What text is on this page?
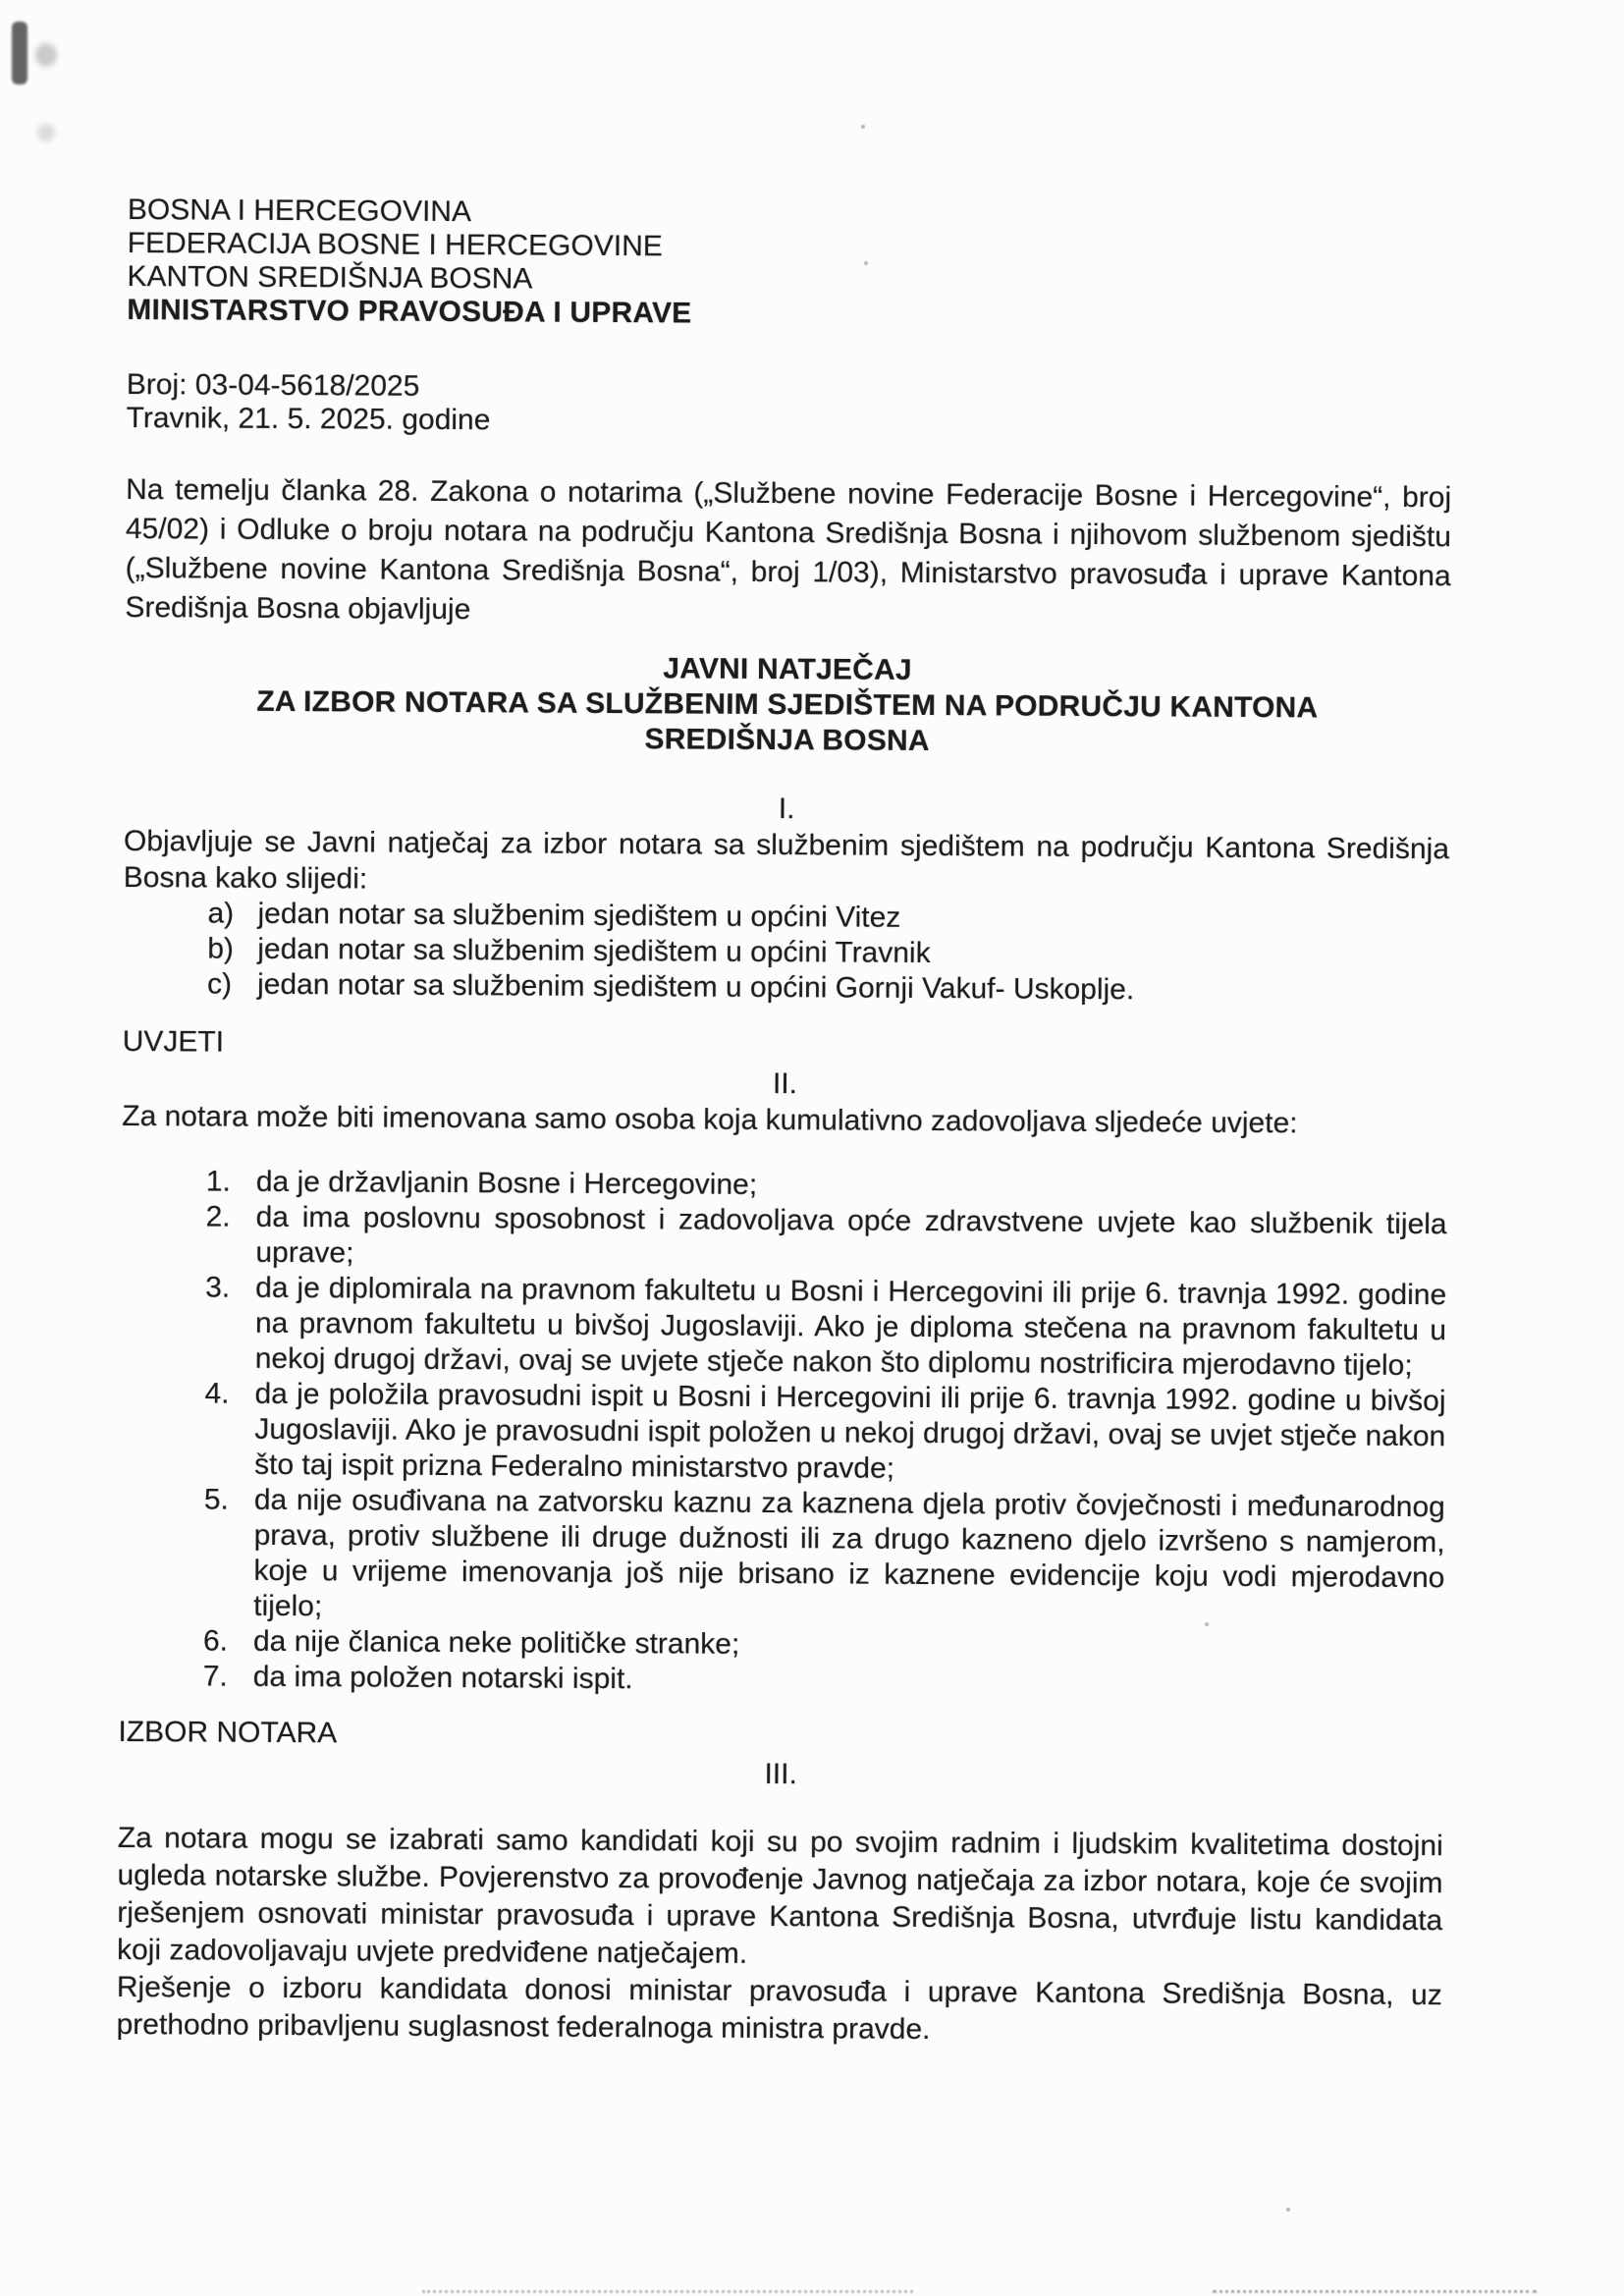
BOSNA I HERCEGOVINA
FEDERACIJA BOSNE I HERCEGOVINE
KANTON SREDIŠNJA BOSNA
MINISTARSTVO PRAVOSUĐA I UPRAVE
Broj: 03-04-5618/2025
Travnik, 21. 5. 2025. godine
Na temelju članka 28. Zakona o notarima („Službene novine Federacije Bosne i Hercegovine“, broj 45/02) i Odluke o broju notara na području Kantona Središnja Bosna i njihovom službenom sjedištu („Službene novine Kantona Središnja Bosna“, broj 1/03), Ministarstvo pravosuđa i uprave Kantona Središnja Bosna objavljuje
JAVNI NATJEČAJ
ZA IZBOR NOTARA SA SLUŽBENIM SJEDIŠTEM NA PODRUČJU KANTONA
SREDIŠNJA BOSNA
I.
Objavljuje se Javni natječaj za izbor notara sa službenim sjedištem na području Kantona Središnja Bosna kako slijedi:
a) jedan notar sa službenim sjedištem u općini Vitez
b) jedan notar sa službenim sjedištem u općini Travnik
c) jedan notar sa službenim sjedištem u općini Gornji Vakuf- Uskoplje.
UVJETI
II.
Za notara može biti imenovana samo osoba koja kumulativno zadovoljava sljedeće uvjete:
1. da je državljanin Bosne i Hercegovine;
2. da ima poslovnu sposobnost i zadovoljava opće zdravstvene uvjete kao službenik tijela uprave;
3. da je diplomirala na pravnom fakultetu u Bosni i Hercegovini ili prije 6. travnja 1992. godine na pravnom fakultetu u bivšoj Jugoslaviji. Ako je diploma stečena na pravnom fakultetu u nekoj drugoj državi, ovaj se uvjete stječe nakon što diplomu nostrificira mjerodavno tijelo;
4. da je položila pravosudni ispit u Bosni i Hercegovini ili prije 6. travnja 1992. godine u bivšoj Jugoslaviji. Ako je pravosudni ispit položen u nekoj drugoj državi, ovaj se uvjet stječe nakon što taj ispit prizna Federalno ministarstvo pravde;
5. da nije osuđivana na zatvorsku kaznu za kaznena djela protiv čovječnosti i međunarodnog prava, protiv službene ili druge dužnosti ili za drugo kazneno djelo izvršeno s namjerom, koje u vrijeme imenovanja još nije brisano iz kaznene evidencije koju vodi mjerodavno tijelo;
6. da nije članica neke političke stranke;
7. da ima položen notarski ispit.
IZBOR NOTARA
III.
Za notara mogu se izabrati samo kandidati koji su po svojim radnim i ljudskim kvalitetima dostojni ugleda notarske službe. Povjerenstvo za provođenje Javnog natječaja za izbor notara, koje će svojim rješenjem osnovati ministar pravosuđa i uprave Kantona Središnja Bosna, utvrđuje listu kandidata koji zadovoljavaju uvjete predviđene natječajem.
Rješenje o izboru kandidata donosi ministar pravosuđa i uprave Kantona Središnja Bosna, uz prethodno pribavljenu suglasnost federalnoga ministra pravde.
